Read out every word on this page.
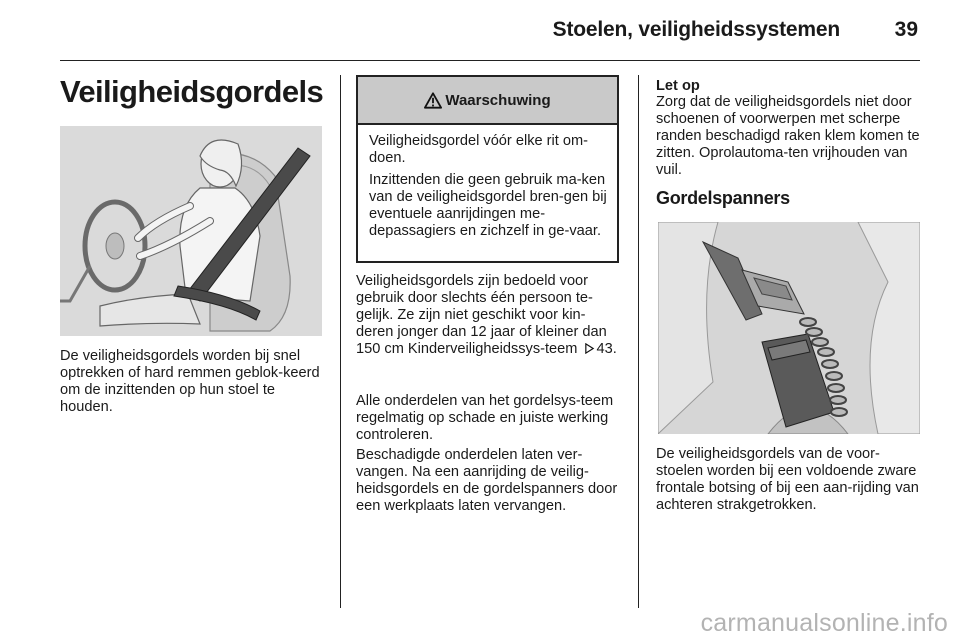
Stoelen, veiligheidssystemen	39
Veiligheidsgordels

De veiligheidsgordels worden bij snel optrekken of hard remmen geblok-keerd om de inzittenden op hun stoel te houden.

Waarschuwing

Veiligheidsgordel vóór elke rit om-doen.

Inzittenden die geen gebruik ma-ken van de veiligheidsgordel bren-gen bij eventuele aanrijdingen me-depassagiers en zichzelf in ge-vaar.

Veiligheidsgordels zijn bedoeld voor gebruik door slechts één persoon te-gelijk. Ze zijn niet geschikt voor kin-deren jonger dan 12 jaar of kleiner dan 150 cm Kinderveiligheidssys-teem 43.

Alle onderdelen van het gordelsys-teem regelmatig op schade en juiste werking controleren.

Beschadigde onderdelen laten ver-vangen. Na een aanrijding de veilig-heidsgordels en de gordelspanners door een werkplaats laten vervangen.

Let op

Zorg dat de veiligheidsgordels niet door schoenen of voorwerpen met scherpe randen beschadigd raken klem komen te zitten. Oprolautoma-ten vrijhouden van vuil.

Gordelspanners

De veiligheidsgordels van de voor-stoelen worden bij een voldoende zware frontale botsing of bij een aan-rijding van achteren strakgetrokken.

carmanualsonline.info
